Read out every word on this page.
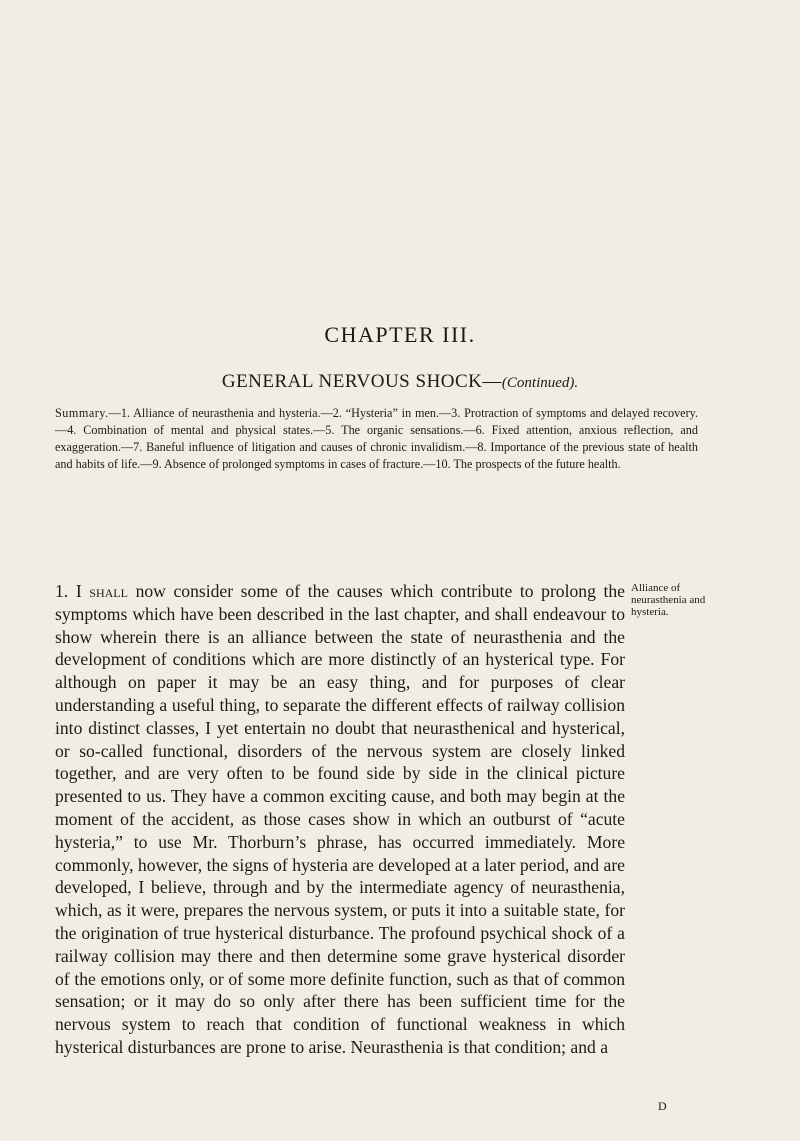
CHAPTER III.
GENERAL NERVOUS SHOCK—(Continued).
Summary.—1. Alliance of neurasthenia and hysteria.—2. “Hysteria” in men.—3. Protraction of symptoms and delayed recovery.—4. Combination of mental and physical states.—5. The organic sensations.—6. Fixed attention, anxious reflection, and exaggeration.—7. Baneful influence of litigation and causes of chronic invalidism.—8. Importance of the previous state of health and habits of life.—9. Absence of prolonged symptoms in cases of fracture.—10. The prospects of the future health.
1. I shall now consider some of the causes which contribute to prolong the symptoms which have been described in the last chapter, and shall endeavour to show wherein there is an alliance between the state of neurasthenia and the development of conditions which are more distinctly of an hysterical type. For although on paper it may be an easy thing, and for purposes of clear understanding a useful thing, to separate the different effects of railway collision into distinct classes, I yet entertain no doubt that neurasthenical and hysterical, or so-called functional, disorders of the nervous system are closely linked together, and are very often to be found side by side in the clinical picture presented to us. They have a common exciting cause, and both may begin at the moment of the accident, as those cases show in which an outburst of “acute hysteria,” to use Mr. Thorburn’s phrase, has occurred immediately. More commonly, however, the signs of hysteria are developed at a later period, and are developed, I believe, through and by the intermediate agency of neurasthenia, which, as it were, prepares the nervous system, or puts it into a suitable state, for the origination of true hysterical disturbance. The profound psychical shock of a railway collision may there and then determine some grave hysterical disorder of the emotions only, or of some more definite function, such as that of common sensation; or it may do so only after there has been sufficient time for the nervous system to reach that condition of functional weakness in which hysterical disturbances are prone to arise. Neurasthenia is that condition; and a
Alliance of neurasthenia and hysteria.
D
